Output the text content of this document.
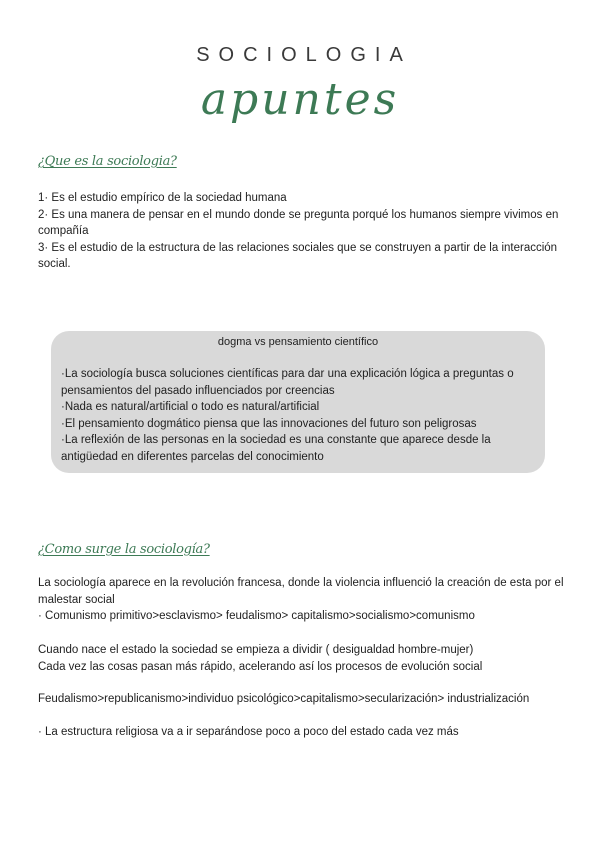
SOCIOLOGIA
apuntes
¿Que es la sociologia?

1· Es el estudio empírico de la sociedad humana

2· Es una manera de pensar en el mundo donde se pregunta porqué los humanos siempre vivimos en compañía

3· Es el estudio de la estructura de las relaciones sociales que se construyen a partir de la interacción social.

dogma vs pensamiento científico

·La sociología busca soluciones científicas para dar una explicación lógica a preguntas o pensamientos del pasado influenciados por creencias

·Nada es natural/artificial o todo es natural/artificial

·El pensamiento dogmático piensa que las innovaciones del futuro son peligrosas

·La reflexión de las personas en la sociedad es una constante que aparece desde la antigüedad en diferentes parcelas del conocimiento

¿Como surge la sociología?

La sociología aparece en la revolución francesa, donde la violencia influenció la creación de esta por el malestar social

· Comunismo primitivo>esclavismo> feudalismo> capitalismo>socialismo>comunismo

Cuando nace el estado la sociedad se empieza a dividir ( desigualdad hombre-mujer)

Cada vez las cosas pasan más rápido, acelerando así los procesos de evolución social

Feudalismo>republicanismo>individuo psicológico>capitalismo>secularización> industrialización

· La estructura religiosa va a ir separándose poco a poco del estado cada vez más
